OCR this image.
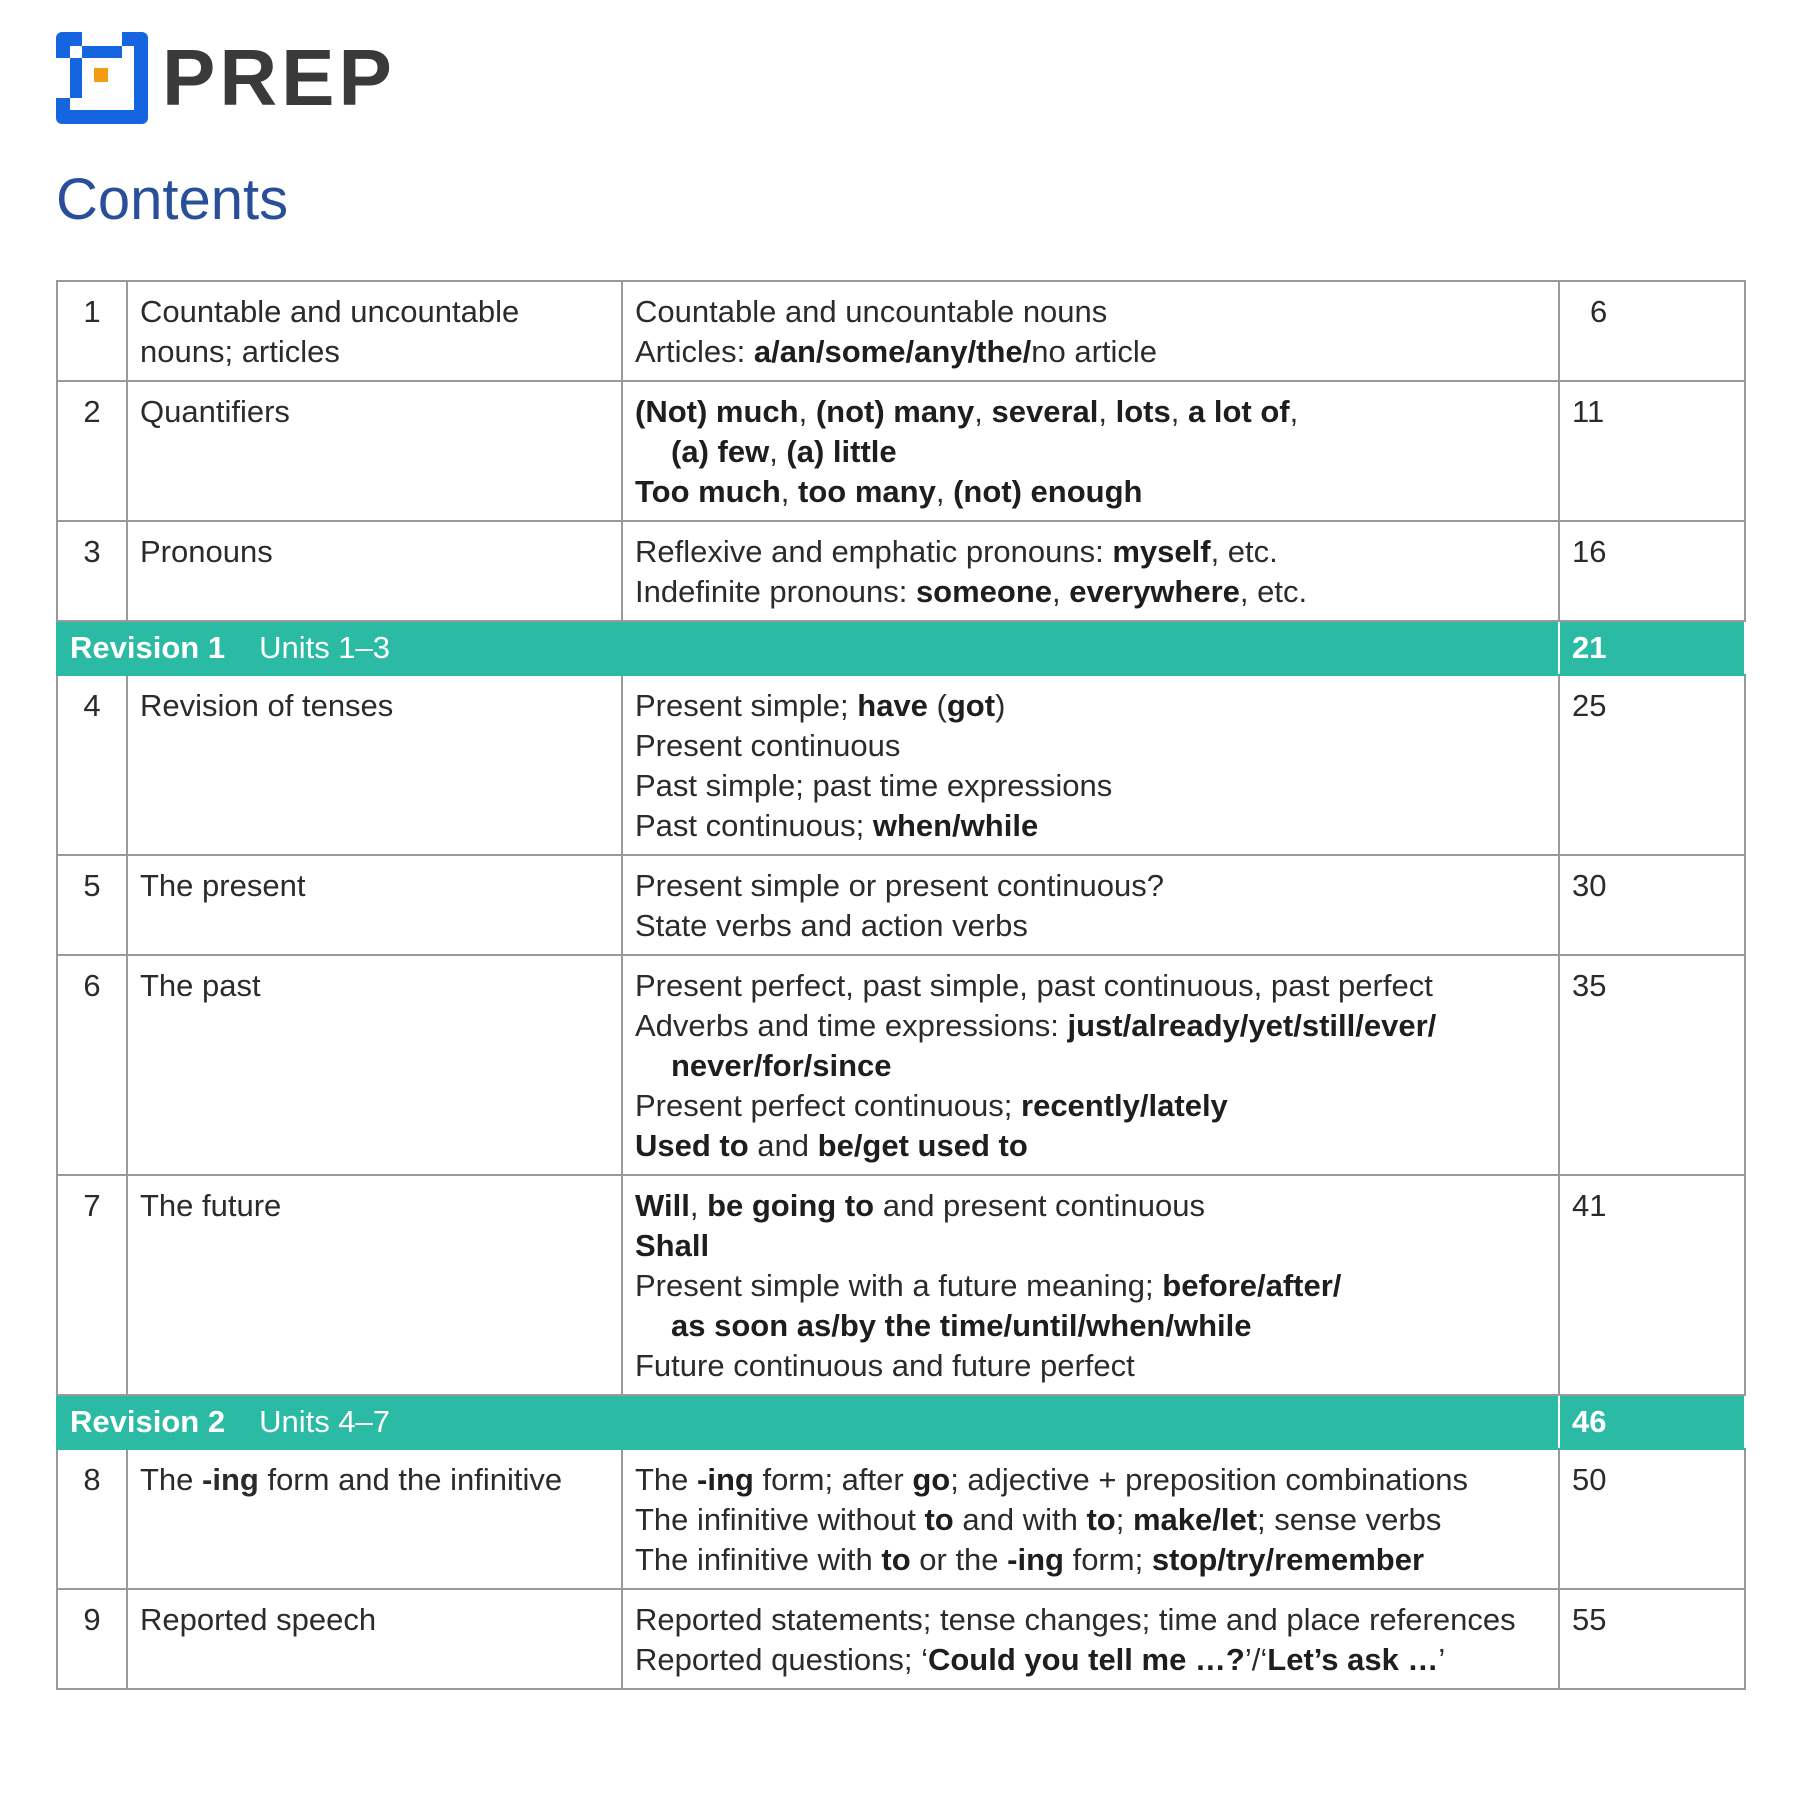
PREP
Contents
1	Countable and uncountable nouns; articles	Countable and uncountable nouns
Articles: a/an/some/any/the/no article	6
2	Quantifiers	(Not) much, (not) many, several, lots, a lot of,
(a) few, (a) little
Too much, too many, (not) enough	11
3	Pronouns	Reflexive and emphatic pronouns: myself, etc.
Indefinite pronouns: someone, everywhere, etc.	16
Revision 1 Units 1–3			21
4	Revision of tenses	Present simple; have (got)
Present continuous
Past simple; past time expressions
Past continuous; when/while	25
5	The present	Present simple or present continuous?
State verbs and action verbs	30
6	The past	Present perfect, past simple, past continuous, past perfect
Adverbs and time expressions: just/already/yet/still/ever/
never/for/since
Present perfect continuous; recently/lately
Used to and be/get used to	35
7	The future	Will, be going to and present continuous
Shall
Present simple with a future meaning; before/after/
as soon as/by the time/until/when/while
Future continuous and future perfect	41
Revision 2 Units 4–7			46
8	The -ing form and the infinitive	The -ing form; after go; adjective + preposition combinations
The infinitive without to and with to; make/let; sense verbs
The infinitive with to or the -ing form; stop/try/remember	50
9	Reported speech	Reported statements; tense changes; time and place references
Reported questions; ‘Could you tell me …?’/‘Let’s ask …’	55
